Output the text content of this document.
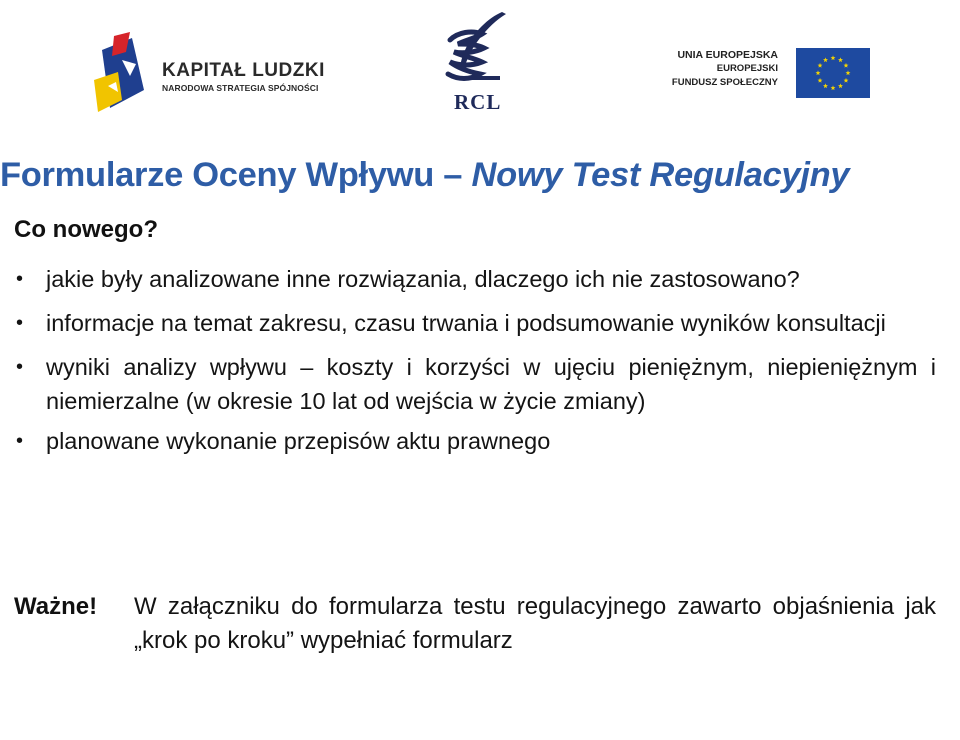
KAPITAŁ LUDZKI
NARODOWA STRATEGIA SPÓJNOŚCI
RCL
UNIA EUROPEJSKA
EUROPEJSKI
FUNDUSZ SPOŁECZNY
Formularze Oceny Wpływu – Nowy Test Regulacyjny
Co nowego?
• jakie były analizowane inne rozwiązania, dlaczego ich nie zastosowano?
• informacje na temat zakresu, czasu trwania i podsumowanie wyników konsultacji
• wyniki analizy wpływu – koszty i korzyści w ujęciu pieniężnym, niepieniężnym i niemierzalne (w okresie 10 lat od wejścia w życie zmiany)
• planowane wykonanie przepisów aktu prawnego
Ważne! W załączniku do formularza testu regulacyjnego zawarto objaśnienia jak „krok po kroku” wypełniać formularz
